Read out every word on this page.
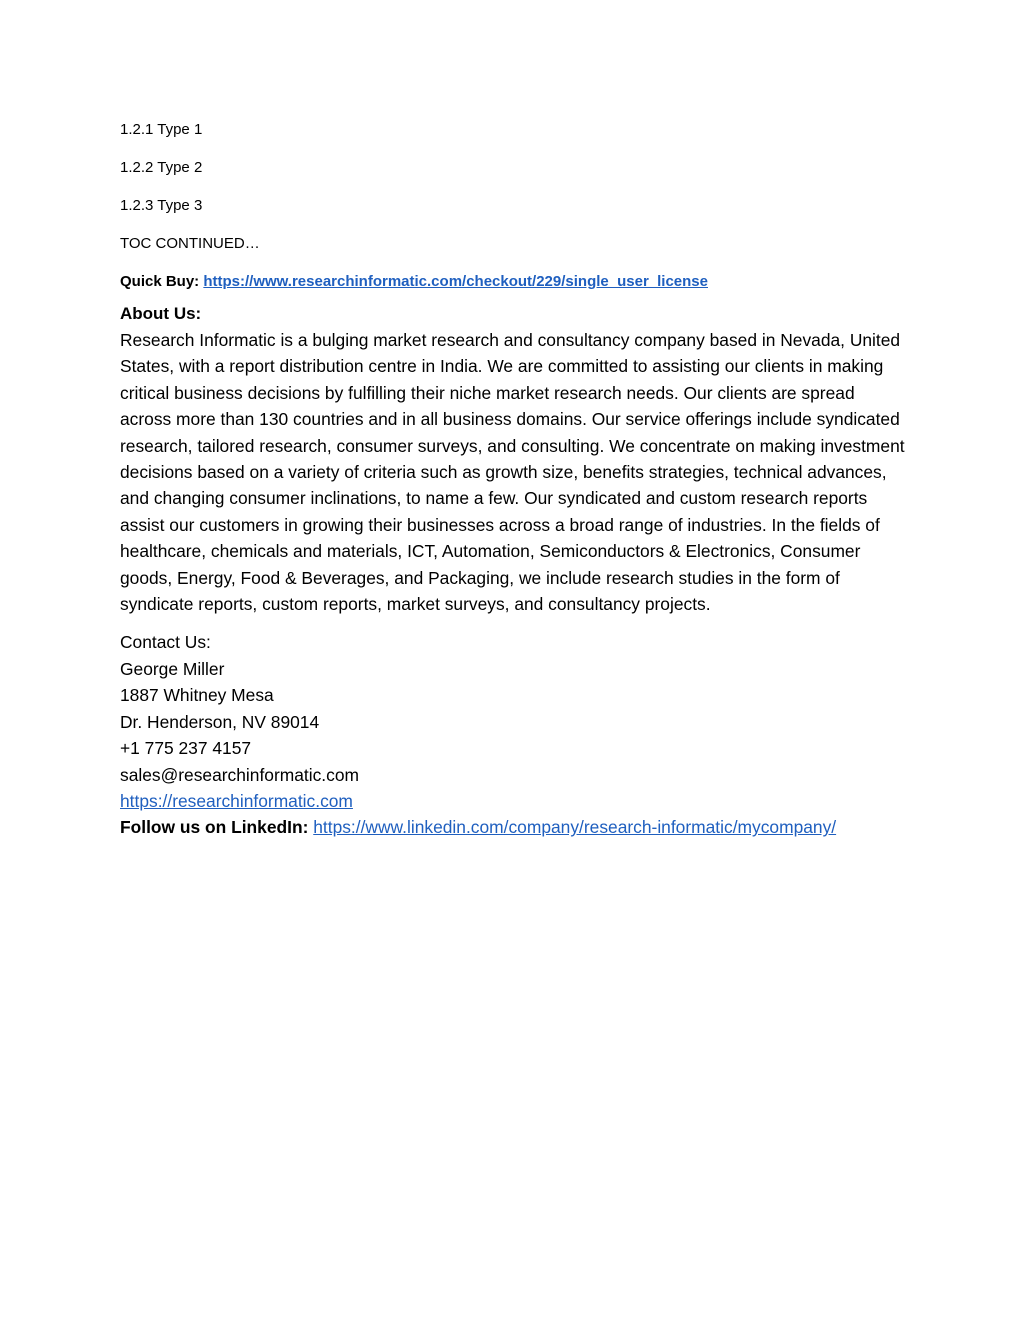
1.2.1 Type 1
1.2.2 Type 2
1.2.3 Type 3
TOC CONTINUED…
Quick Buy: https://www.researchinformatic.com/checkout/229/single_user_license
About Us:
Research Informatic is a bulging market research and consultancy company based in Nevada, United States, with a report distribution centre in India. We are committed to assisting our clients in making critical business decisions by fulfilling their niche market research needs. Our clients are spread across more than 130 countries and in all business domains. Our service offerings include syndicated research, tailored research, consumer surveys, and consulting. We concentrate on making investment decisions based on a variety of criteria such as growth size, benefits strategies, technical advances, and changing consumer inclinations, to name a few. Our syndicated and custom research reports assist our customers in growing their businesses across a broad range of industries. In the fields of healthcare, chemicals and materials, ICT, Automation, Semiconductors & Electronics, Consumer goods, Energy, Food & Beverages, and Packaging, we include research studies in the form of syndicate reports, custom reports, market surveys, and consultancy projects.
Contact Us:
George Miller
1887 Whitney Mesa
Dr. Henderson, NV 89014
+1 775 237 4157
sales@researchinformatic.com
https://researchinformatic.com
Follow us on LinkedIn: https://www.linkedin.com/company/research-informatic/mycompany/
